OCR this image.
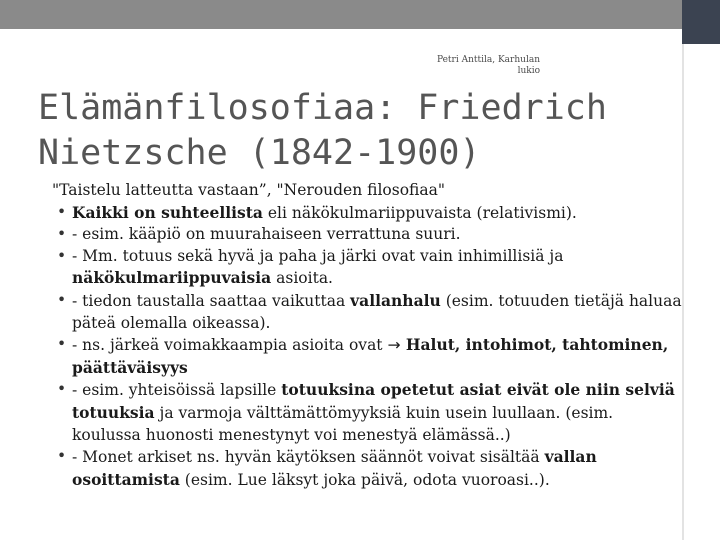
Petri Anttila, Karhulan
lukio
Elämänfilosofiaa: Friedrich
Nietzsche (1842-1900)
"Taistelu latteutta vastaan”, "Nerouden filosofiaa"
• Kaikki on suhteellista eli näkökulmariippuvaista (relativismi).
• - esim. kääpiö on muurahaiseen verrattuna suuri.
• - Mm. totuus sekä hyvä ja paha ja järki ovat vain inhimillisiä ja näkökulmariippuvaisia asioita.
• - tiedon taustalla saattaa vaikuttaa vallanhalu (esim. totuuden tietäjä haluaa päteä olemalla oikeassa).
• - ns. järkeä voimakkaampia asioita ovat → Halut, intohimot, tahtominen, päättäväisyys
• - esim. yhteisöissä lapsille totuuksina opetetut asiat eivät ole niin selviä totuuksia ja varmoja välttämättömyyksiä kuin usein luullaan. (esim. koulussa huonosti menestynyt voi menestyä elämässä..)
• - Monet arkiset ns. hyvän käytöksen säännöt voivat sisältää vallan osoittamista (esim. Lue läksyt joka päivä, odota vuoroasi..).
